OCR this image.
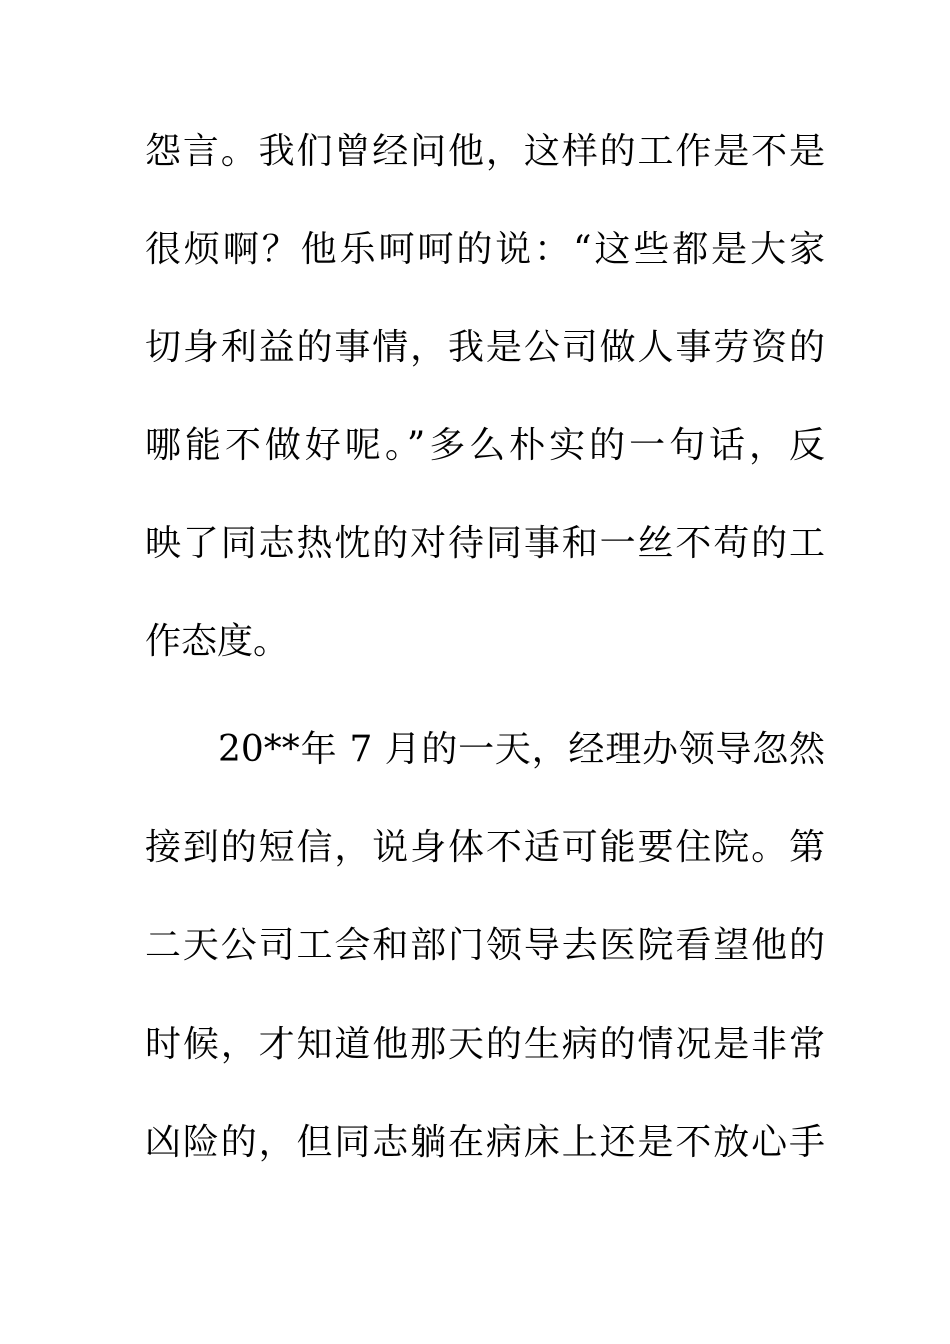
怨言。我们曾经问他，这样的工作是不是
很烦啊？他乐呵呵的说：“这些都是大家
切身利益的事情，我是公司做人事劳资的
哪能不做好呢。”多么朴实的一句话，反
映了同志热忱的对待同事和一丝不苟的工
作态度。
20**年 7 月的一天，经理办领导忽然
接到的短信，说身体不适可能要住院。第
二天公司工会和部门领导去医院看望他的
时候，才知道他那天的生病的情况是非常
凶险的，但同志躺在病床上还是不放心手
